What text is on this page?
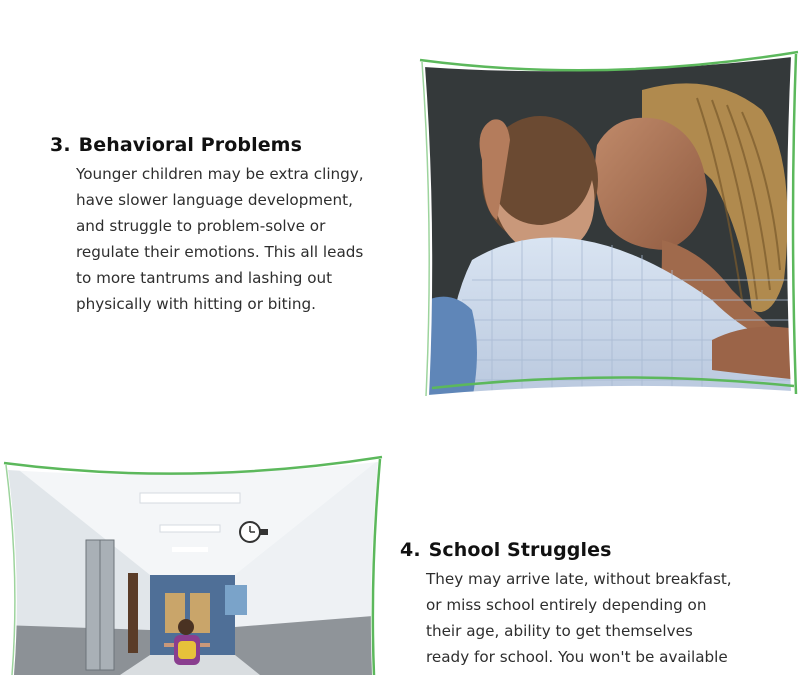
3. Behavioral Problems
Younger children may be extra clingy,
have slower language development,
and struggle to problem-solve or
regulate their emotions. This all leads
to more tantrums and lashing out
physically with hitting or biting.
4. School Struggles
They may arrive late, without breakfast,
or miss school entirely depending on
their age, ability to get themselves
ready for school. You won't be available
